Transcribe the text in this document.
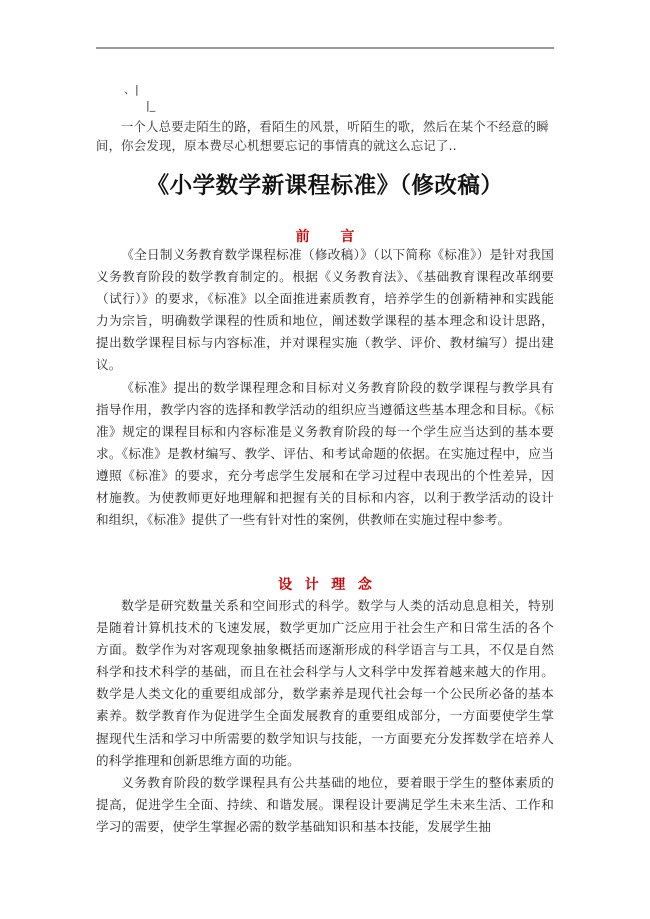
、|
|_
一个人总要走陌生的路，看陌生的风景，听陌生的歌，然后在某个不经意的瞬间，你会发现，原本费尽心机想要忘记的事情真的就这么忘记了..
《小学数学新课程标准》（修改稿）
前言

《全日制义务教育数学课程标准（修改稿）》（以下简称《标准》）是针对我国义务教育阶段的数学教育制定的。根据《义务教育法》、《基础教育课程改革纲要（试行）》的要求，《标准》以全面推进素质教育，培养学生的创新精神和实践能力为宗旨，明确数学课程的性质和地位，阐述数学课程的基本理念和设计思路，提出数学课程目标与内容标准，并对课程实施（教学、评价、教材编写）提出建议。

《标准》提出的数学课程理念和目标对义务教育阶段的数学课程与教学具有指导作用，教学内容的选择和教学活动的组织应当遵循这些基本理念和目标。《标准》规定的课程目标和内容标准是义务教育阶段的每一个学生应当达到的基本要求。《标准》是教材编写、教学、评估、和考试命题的依据。在实施过程中，应当遵照《标准》的要求，充分考虑学生发展和在学习过程中表现出的个性差异，因材施教。为使教师更好地理解和把握有关的目标和内容，以利于教学活动的设计和组织，《标准》提供了一些有针对性的案例，供教师在实施过程中参考。

设计理念

数学是研究数量关系和空间形式的科学。数学与人类的活动息息相关，特别是随着计算机技术的飞速发展，数学更加广泛应用于社会生产和日常生活的各个方面。数学作为对客观现象抽象概括而逐渐形成的科学语言与工具，不仅是自然科学和技术科学的基础，而且在社会科学与人文科学中发挥着越来越大的作用。数学是人类文化的重要组成部分，数学素养是现代社会每一个公民所必备的基本素养。数学教育作为促进学生全面发展教育的重要组成部分，一方面要使学生掌握现代生活和学习中所需要的数学知识与技能，一方面要充分发挥数学在培养人的科学推理和创新思维方面的功能。

义务教育阶段的数学课程具有公共基础的地位，要着眼于学生的整体素质的提高，促进学生全面、持续、和谐发展。课程设计要满足学生未来生活、工作和学习的需要，使学生掌握必需的数学基础知识和基本技能，发展学生抽
